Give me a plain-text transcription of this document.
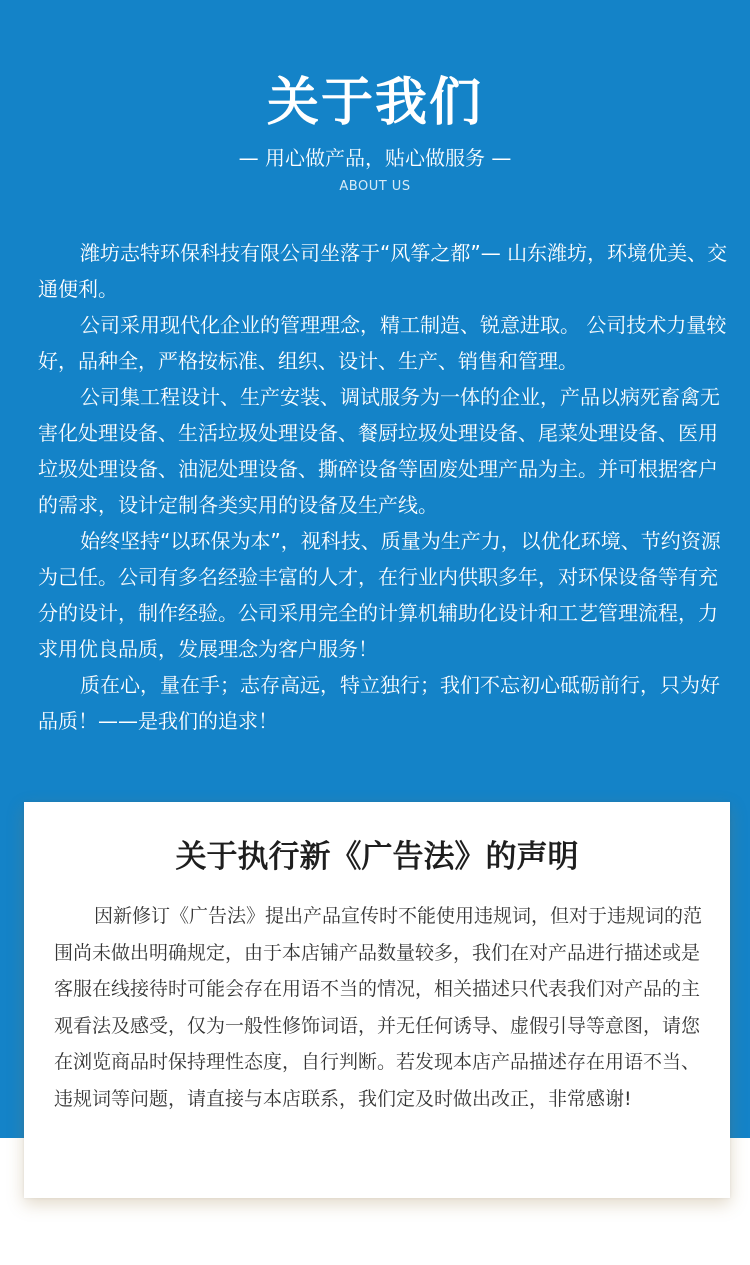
关于我们
— 用心做产品，贴心做服务 —
ABOUT US

潍坊志特环保科技有限公司坐落于“风筝之都”— 山东潍坊，环境优美、交通便利。

公司采用现代化企业的管理理念，精工制造、锐意进取。 公司技术力量较好，品种全，严格按标准、组织、设计、生产、销售和管理。

公司集工程设计、生产安装、调试服务为一体的企业，产品以病死畜禽无害化处理设备、生活垃圾处理设备、餐厨垃圾处理设备、尾菜处理设备、医用垃圾处理设备、油泥处理设备、撕碎设备等固废处理产品为主。并可根据客户的需求，设计定制各类实用的设备及生产线。

始终坚持“以环保为本”，视科技、质量为生产力，以优化环境、节约资源为己任。公司有多名经验丰富的人才，在行业内供职多年，对环保设备等有充分的设计，制作经验。公司采用完全的计算机辅助化设计和工艺管理流程，力求用优良品质，发展理念为客户服务！

质在心，量在手；志存高远，特立独行；我们不忘初心砥砺前行，只为好品质！——是我们的追求！

关于执行新《广告法》的声明

因新修订《广告法》提出产品宣传时不能使用违规词，但对于违规词的范围尚未做出明确规定，由于本店铺产品数量较多，我们在对产品进行描述或是客服在线接待时可能会存在用语不当的情况，相关描述只代表我们对产品的主观看法及感受，仅为一般性修饰词语，并无任何诱导、虚假引导等意图，请您在浏览商品时保持理性态度，自行判断。若发现本店产品描述存在用语不当、违规词等问题，请直接与本店联系，我们定及时做出改正，非常感谢!
